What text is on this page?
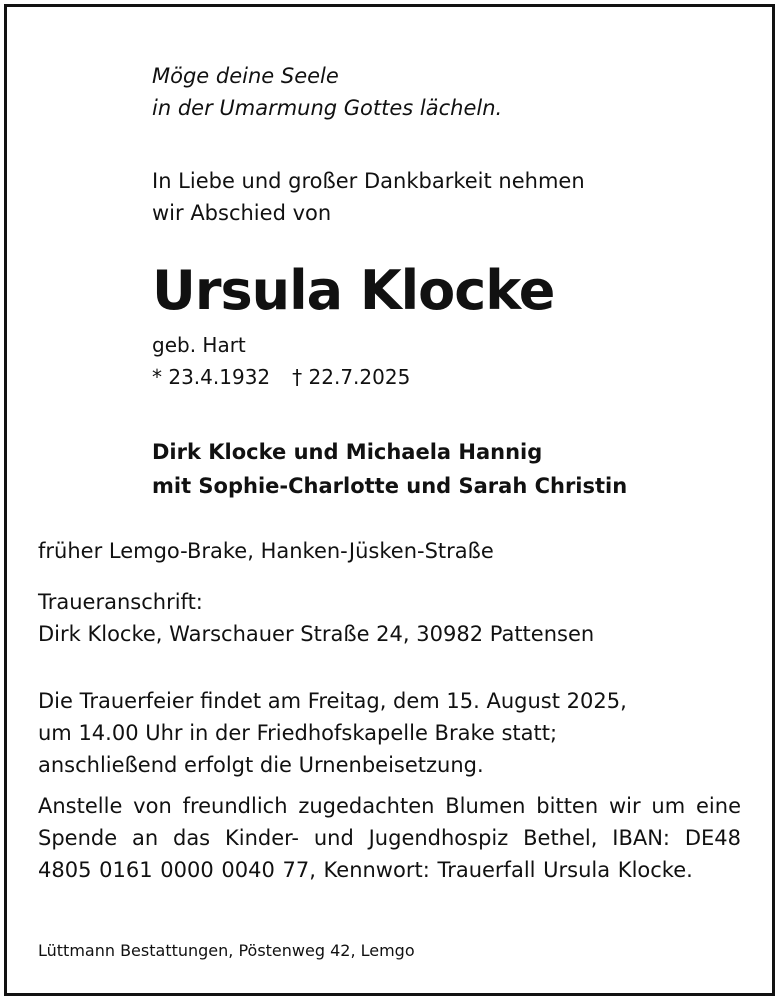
Möge deine Seele

in der Umarmung Gottes lächeln.

In Liebe und großer Dankbarkeit nehmen

wir Abschied von

Ursula Klocke

geb. Hart

* 23.4.1932 † 22.7.2025

Dirk Klocke und Michaela Hannig

mit Sophie-Charlotte und Sarah Christin

früher Lemgo-Brake, Hanken-Jüsken-Straße

Traueranschrift:

Dirk Klocke, Warschauer Straße 24, 30982 Pattensen

Die Trauerfeier findet am Freitag, dem 15. August 2025,

um 14.00 Uhr in der Friedhofskapelle Brake statt;

anschließend erfolgt die Urnenbeisetzung.

Anstelle von freundlich zugedachten Blumen bitten wir um eine Spende an das Kinder- und Jugendhospiz Bethel, IBAN: DE48 4805 0161 0000 0040 77, Kennwort: Trauerfall Ursula Klocke.

Lüttmann Bestattungen, Pöstenweg 42, Lemgo
